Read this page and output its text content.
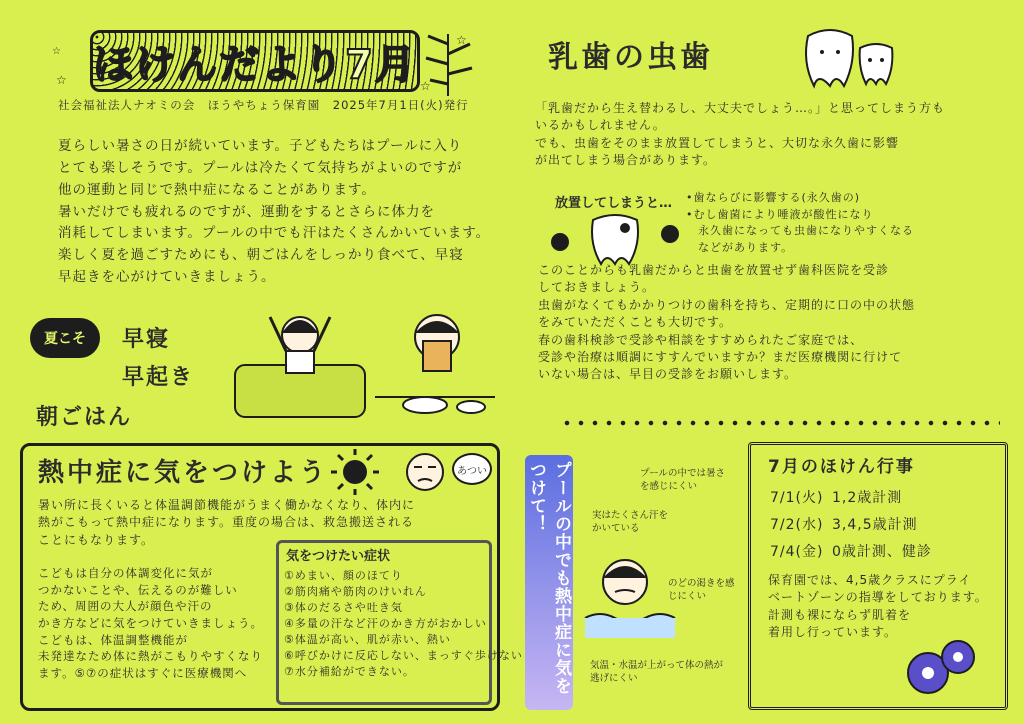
☆
☆ ほけんだより7月
☆
☆
社会福祉法人ナオミの会　ほうやちょう保育園　2025年7月1日(火)発行

夏らしい暑さの日が続いています。子どもたちはプールに入り

とても楽しそうです。プールは冷たくて気持ちがよいのですが

他の運動と同じで熱中症になることがあります。

暑いだけでも疲れるのですが、運動をするとさらに体力を

消耗してしまいます。プールの中でも汗はたくさんかいています。

楽しく夏を過ごすためにも、朝ごはんをしっかり食べて、早寝

早起きを心がけていきましょう。

夏こそ	早寝
早起き
朝ごはん
熱中症に気をつけよう	あつい

暑い所に長くいると体温調節機能がうまく働かなくなり、体内に

熱がこもって熱中症になります。重度の場合は、救急搬送される

ことにもなります。

こどもは自分の体調変化に気が

つかないことや、伝えるのが難しい

ため、周囲の大人が顔色や汗の

かき方などに気をつけていきましょう。

こどもは、体温調整機能が

未発達なため体に熱がこもりやすくなり

ます。⑤⑦の症状はすぐに医療機関へ

気をつけたい症状
①めまい、顔のほてり
②筋肉痛や筋肉のけいれん
③体のだるさや吐き気
④多量の汗など汗のかき方がおかしい
⑤体温が高い、肌が赤い、熱い
⑥呼びかけに反応しない、まっすぐ歩けない
⑦水分補給ができない。
乳歯の虫歯

「乳歯だから生え替わるし、大丈夫でしょう…。」と思ってしまう方も

いるかもしれません。

でも、虫歯をそのまま放置してしまうと、大切な永久歯に影響

が出てしまう場合があります。

放置してしまうと… •歯ならびに影響する(永久歯の)
•むし歯菌により唾液が酸性になり
　永久歯になっても虫歯になりやすくなる
　などがあります。

このことからも乳歯だからと虫歯を放置せず歯科医院を受診

しておきましょう。

虫歯がなくてもかかりつけの歯科を持ち、定期的に口の中の状態

をみていただくことも大切です。

春の歯科検診で受診や相談をすすめられたご家庭では、

受診や治療は順調にすすんでいますか？まだ医療機関に行けて

いない場合は、早目の受診をお願いします。

プールの中でも熱中症に気をつけて！	プールの中では暑さを感じにくい
実はたくさん汗をかいている
のどの渇きを感じにくい
気温・水温が上がって体の熱が逃げにくい
7月のほけん行事
7/1(火) 1,2歳計測
7/2(水) 3,4,5歳計測
7/4(金) 0歳計測、健診

保育園では、4,5歳クラスにプライ

ベートゾーンの指導をしております。

計測も裸にならず肌着を

着用し行っています。
